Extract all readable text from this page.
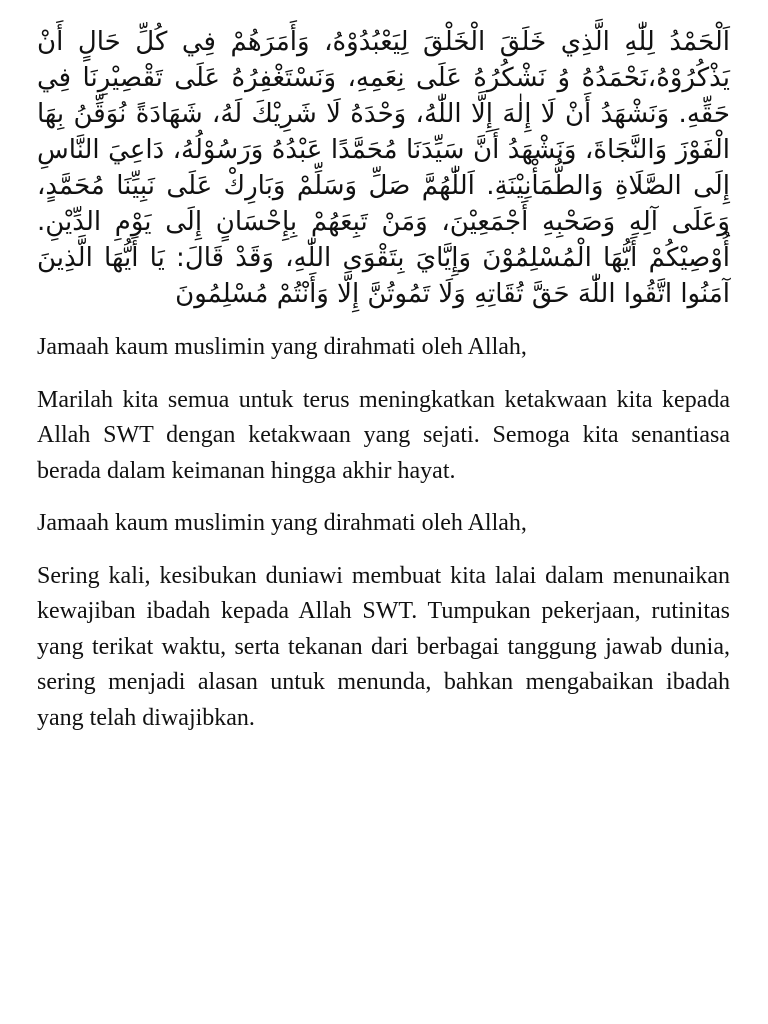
اَلْحَمْدُ لِلّٰهِ الَّذِي خَلَقَ الْخَلْقَ لِيَعْبُدُوْهُ، وَأَمَرَهُمْ فِي كُلِّ حَالٍ أَنْ يَذْكُرُوْهُ،نَحْمَدُهُ وُ نَشْكُرُهُ عَلَى نِعَمِهِ، وَنَسْتَغْفِرُهُ عَلَى تَقْصِيْرِنَا فِي حَقِّهِ. وَنَشْهَدُ أَنْ لَا إِلٰهَ إِلَّا اللّٰهُ، وَحْدَهُ لَا شَرِيْكَ لَهُ، شَهَادَةً نُوَقِّنُ بِهَا الْفَوْزَ وَالنَّجَاةَ، وَنَشْهَدُ أَنَّ سَيِّدَنَا مُحَمَّدًا عَبْدُهُ وَرَسُوْلُهُ، دَاعِيَ النَّاسِ إِلَى الصَّلَاةِ وَالطُّمَأْنِيْنَةِ. اَللّٰهُمَّ صَلِّ وَسَلِّمْ وَبَارِكْ عَلَى نَبِيِّنَا مُحَمَّدٍ، وَعَلَى آلِهِ وَصَحْبِهِ أَجْمَعِيْنَ، وَمَنْ تَبِعَهُمْ بِإِحْسَانٍ إِلَى يَوْمِ الدِّيْنِ. أُوْصِيْكُمْ أَيُّهَا الْمُسْلِمُوْنَ وَإِيَّايَ بِتَقْوَى اللّٰهِ، وَقَدْ قَالَ: يَا أَيُّهَا الَّذِينَ آمَنُوا اتَّقُوا اللّٰهَ حَقَّ تُقَاتِهِ وَلَا تَمُوتُنَّ إِلَّا وَأَنْتُمْ مُسْلِمُونَ

Jamaah kaum muslimin yang dirahmati oleh Allah,

Marilah kita semua untuk terus meningkatkan ketakwaan kita kepada Allah SWT dengan ketakwaan yang sejati. Semoga kita senantiasa berada dalam keimanan hingga akhir hayat.

Jamaah kaum muslimin yang dirahmati oleh Allah,

Sering kali, kesibukan duniawi membuat kita lalai dalam menunaikan kewajiban ibadah kepada Allah SWT. Tumpukan pekerjaan, rutinitas yang terikat waktu, serta tekanan dari berbagai tanggung jawab dunia, sering menjadi alasan untuk menunda, bahkan mengabaikan ibadah yang telah diwajibkan.
